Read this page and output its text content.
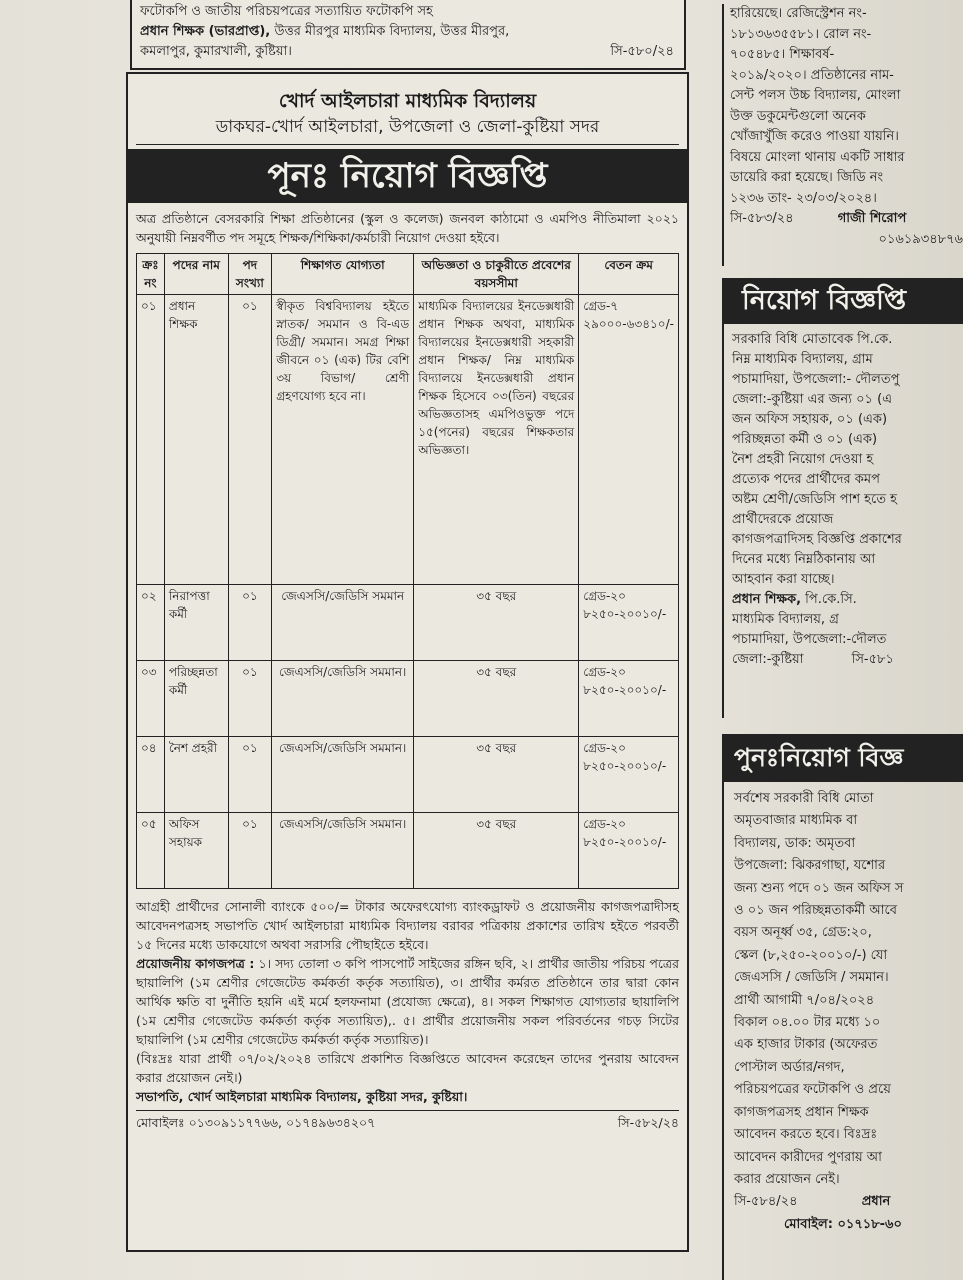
ফটোকপি ও জাতীয় পরিচয়পত্রের সত্যায়িত ফটোকপি সহ
প্রধান শিক্ষক (ভারপ্রাপ্ত), উত্তর মীরপুর মাধ্যমিক বিদ্যালয়, উত্তর মীরপুর,
কমলাপুর, কুমারখালী, কুষ্টিয়া।	সি-৫৮০/২৪
খোর্দ আইলচারা মাধ্যমিক বিদ্যালয়
ডাকঘর-খোর্দ আইলচারা, উপজেলা ও জেলা-কুষ্টিয়া সদর
পূনঃ নিয়োগ বিজ্ঞপ্তি
অত্র প্রতিষ্ঠানে বেসরকারি শিক্ষা প্রতিষ্ঠানের (স্কুল ও কলেজ) জনবল কাঠামো ও এমপিও নীতিমালা ২০২১ অনুযায়ী নিম্নবর্ণীত পদ সমূহে শিক্ষক/শিক্ষিকা/কর্মচারী নিয়োগ দেওয়া হইবে।
ক্রঃ নং	পদের নাম	পদ সংখ্যা	শিক্ষাগত যোগ্যতা	অভিজ্ঞতা ও চাকুরীতে প্রবেশের বয়সসীমা	বেতন ক্রম
০১	প্রধান শিক্ষক	০১	স্বীকৃত বিশ্ববিদ্যালয় হইতে স্নাতক/ সমমান ও বি-এড ডিগ্রী/ সমমান। সমগ্র শিক্ষা জীবনে ০১ (এক) টির বেশি ৩য় বিভাগ/ শ্রেণী গ্রহণযোগ্য হবে না।	মাধ্যমিক বিদ্যালয়ের ইনডেক্সধারী প্রধান শিক্ষক অথবা, মাধ্যমিক বিদ্যালয়ের ইনডেক্সধারী সহকারী প্রধান শিক্ষক/ নিম্ন মাধ্যমিক বিদ্যালয়ে ইনডেক্সধারী প্রধান শিক্ষক হিসেবে ০৩(তিন) বছরের অভিজ্ঞতাসহ এমপিওভুক্ত পদে ১৫(পনের) বছরের শিক্ষকতার অভিজ্ঞতা।	গ্রেড-৭ ২৯০০০-৬৩৪১০/-
০২	নিরাপত্তা কর্মী	০১	জেএসসি/জেডিসি সমমান	৩৫ বছর	গ্রেড-২০ ৮২৫০-২০০১০/-
০৩	পরিচ্ছন্নতা কর্মী	০১	জেএসসি/জেডিসি সমমান।	৩৫ বছর	গ্রেড-২০ ৮২৫০-২০০১০/-
০৪	নৈশ প্রহরী	০১	জেএসসি/জেডিসি সমমান।	৩৫ বছর	গ্রেড-২০ ৮২৫০-২০০১০/-
০৫	অফিস সহায়ক	০১	জেএসসি/জেডিসি সমমান।	৩৫ বছর	গ্রেড-২০ ৮২৫০-২০০১০/-
আগ্রহী প্রার্থীদের সোনালী ব্যাংকে ৫০০/= টাকার অফেরৎযোগ্য ব্যাংকড্রাফট ও প্রয়োজনীয় কাগজপত্রাদীসহ আবেদনপত্রসহ সভাপতি খোর্দ আইলচারা মাধ্যমিক বিদ্যালয় বরাবর পত্রিকায় প্রকাশের তারিখ হইতে পরবর্তী ১৫ দিনের মধ্যে ডাকযোগে অথবা সরাসরি পৌছাইতে হইবে।
প্রয়োজনীয় কাগজপত্র : ১। সদ্য তোলা ৩ কপি পাসপোর্ট সাইজের রঙ্গিন ছবি, ২। প্রার্থীর জাতীয় পরিচয় পত্রের ছায়ালিপি (১ম শ্রেণীর গেজেটেড কর্মকর্তা কর্তৃক সত্যায়িত), ৩। প্রার্থীর কর্মরত প্রতিষ্ঠানে তার দ্বারা কোন আর্থিক ক্ষতি বা দুর্নীতি হয়নি এই মর্মে হলফনামা (প্রযোজ্য ক্ষেত্রে), ৪। সকল শিক্ষাগত যোগ্যতার ছায়ালিপি (১ম শ্রেণীর গেজেটেড কর্মকর্তা কর্তৃক সত্যায়িত),. ৫। প্রার্থীর প্রয়োজনীয় সকল পরিবর্তনের গচড় সিটের ছায়ালিপি (১ম শ্রেণীর গেজেটেড কর্মকর্তা কর্তৃক সত্যায়িত)।
(বিঃদ্রঃ যারা প্রার্থী ০৭/০২/২০২৪ তারিখে প্রকাশিত বিজ্ঞপ্তিতে আবেদন করেছেন তাদের পুনরায় আবেদন করার প্রয়োজন নেই।)
সভাপতি, খোর্দ আইলচারা মাধ্যমিক বিদ্যালয়, কুষ্টিয়া সদর, কুষ্টিয়া।
মোবাইলঃ ০১৩০৯১১৭৭৬৬, ০১৭৪৯৬৩৪২০৭	সি-৫৮২/২৪
হারিয়েছে। রেজিস্ট্রেশন নং-
১৮১৩৬৩৫৫৮১। রোল নং-
৭০৫৪৮৫। শিক্ষাবর্ষ-
২০১৯/২০২০। প্রতিষ্ঠানের নাম-
সেন্ট পলস উচ্চ বিদ্যালয়, মোংলা
উক্ত ডকুমেন্টগুলো অনেক
খোঁজাখুঁজি করেও পাওয়া যায়নি।
বিষয়ে মোংলা থানায় একটি সাধার
ডায়েরি করা হয়েছে। জিডি নং
১২৩৬ তাং- ২৩/০৩/২০২৪।
সি-৫৮৩/২৪	গাজী শিরোপ
০১৬১৯৩৪৮৭৬
নিয়োগ বিজ্ঞপ্তি
সরকারি বিধি মোতাবেক পি.কে.
নিম্ন মাধ্যমিক বিদ্যালয়, গ্রাম
পচামাদিয়া, উপজেলা:- দৌলতপু
জেলা:-কুষ্টিয়া এর জন্য ০১ (এ
জন অফিস সহায়ক, ০১ (এক)
পরিচ্ছন্নতা কর্মী ও ০১ (এক)
নৈশ প্রহরী নিয়োগ দেওয়া হ
প্রত্যেক পদের প্রার্থীদের কমপ
অষ্টম শ্রেণী/জেডিসি পাশ হতে হ
প্রার্থীদেরকে প্রয়োজ
কাগজপত্রাদিসহ বিজ্ঞপ্তি প্রকাশের
দিনের মধ্যে নিম্নঠিকানায় আ
আহবান করা যাচ্ছে।
প্রধান শিক্ষক, পি.কে.সি.
মাধ্যমিক বিদ্যালয়, গ্র
পচামাদিয়া, উপজেলা:-দৌলত
জেলা:-কুষ্টিয়া	সি-৫৮১
পুনঃনিয়োগ বিজ্ঞ
সর্বশেষ সরকারী বিধি মোতা
অমৃতবাজার মাধ্যমিক বা
বিদ্যালয়, ডাক: অমৃতবা
উপজেলা: ঝিকরগাছা, যশোর
জন্য শুন্য পদে ০১ জন অফিস স
ও ০১ জন পরিচ্ছন্নতাকর্মী আবে
বয়স অনূর্ধ্ব ৩৫, গ্রেড:২০,
স্কেল (৮,২৫০-২০০১০/-) যো
জেএসসি / জেডিসি / সমমান।
প্রার্থী আগামী ৭/০৪/২০২৪
বিকাল ০৪.০০ টার মধ্যে ১০
এক হাজার টাকার (অফেরত
পোস্টাল অর্ডার/নগদ,
পরিচয়পত্রের ফটোকপি ও প্রয়ে
কাগজপত্রসহ প্রধান শিক্ষক
আবেদন করতে হবে। বিঃদ্রঃ
আবেদন কারীদের পুণরায় আ
করার প্রয়োজন নেই।
সি-৫৮৪/২৪	প্রধান
মোবাইল: ০১৭১৮-৬০
